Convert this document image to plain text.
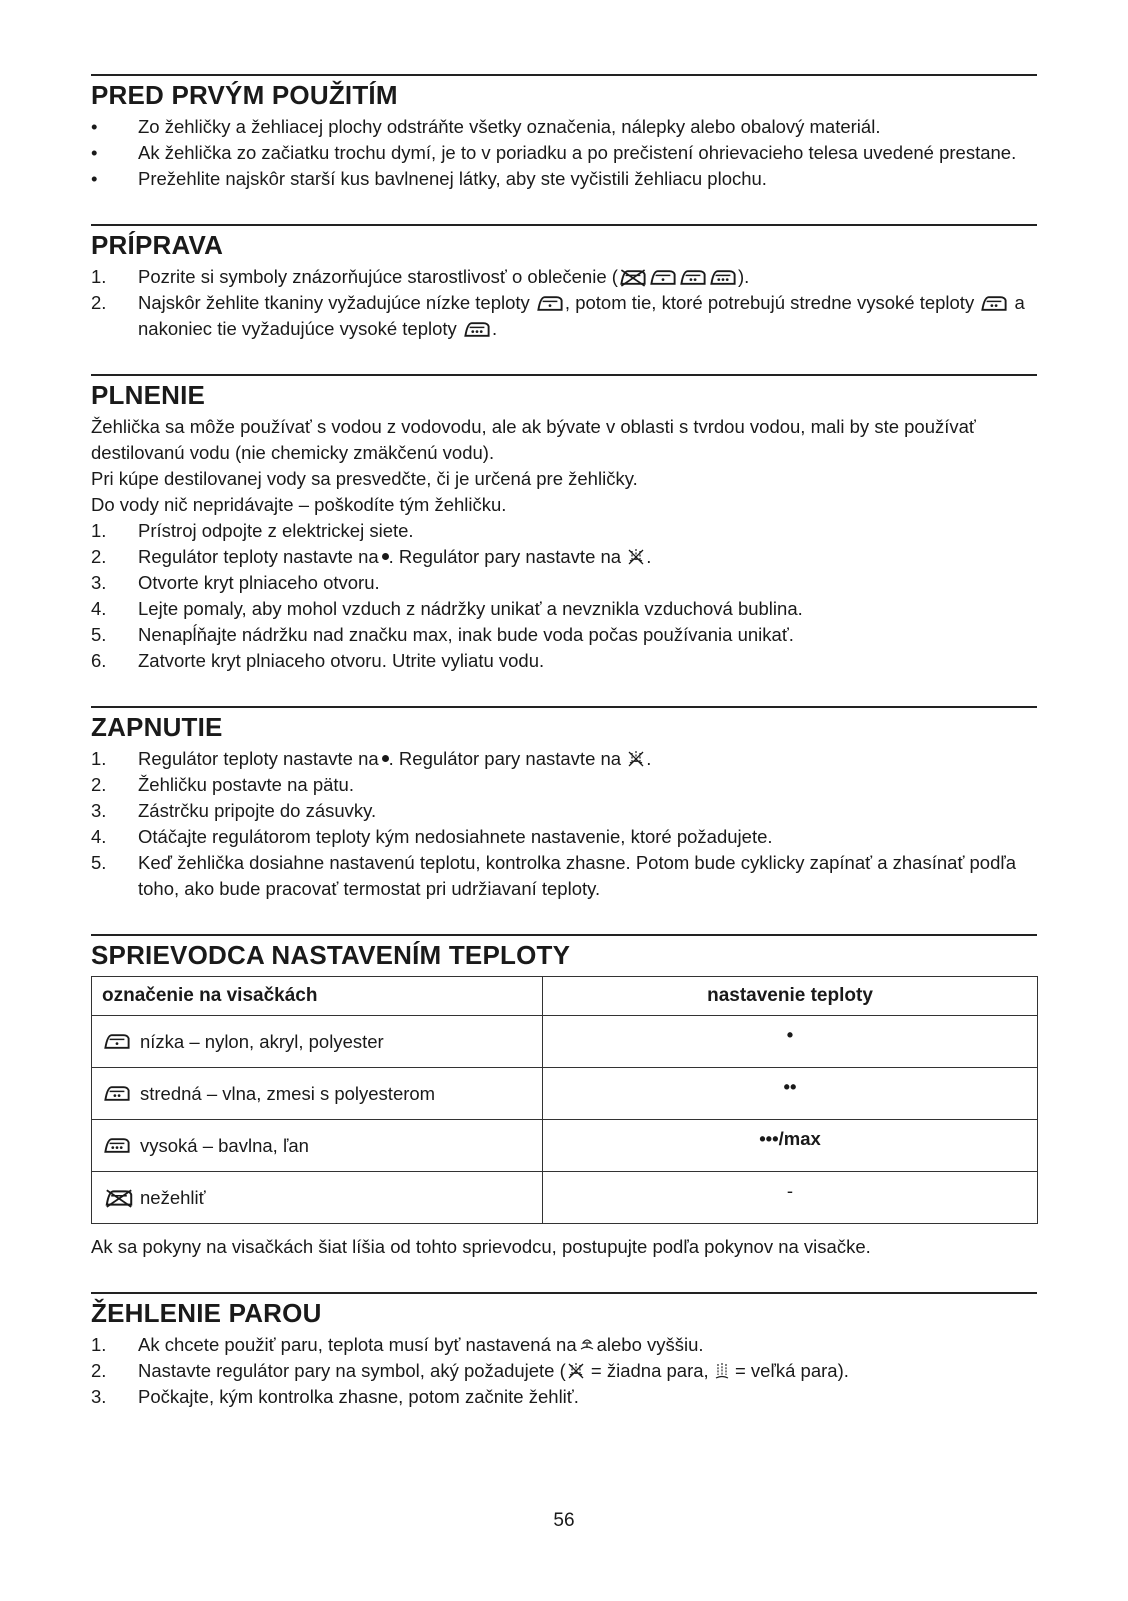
PRED PRVÝM POUŽITÍM
• Zo žehličky a žehliacej plochy odstráňte všetky označenia, nálepky alebo obalový materiál.
• Ak žehlička zo začiatku trochu dymí, je to v poriadku a po prečistení ohrievacieho telesa uvedené prestane.
• Prežehlite najskôr starší kus bavlnenej látky, aby ste vyčistili žehliacu plochu.
PRÍPRAVA
1. Pozrite si symboly znázorňujúce starostlivosť o oblečenie (	).
2. Najskôr žehlite tkaniny vyžadujúce nízke teploty , potom tie, ktoré potrebujú stredne vysoké teploty a nakoniec tie vyžadujúce vysoké teploty .
PLNENIE
Žehlička sa môže používať s vodou z vodovodu, ale ak bývate v oblasti s tvrdou vodou, mali by ste používať destilovanú vodu (nie chemicky zmäkčenú vodu).
Pri kúpe destilovanej vody sa presvedčte, či je určená pre žehličky.
Do vody nič nepridávajte – poškodíte tým žehličku.
1. Prístroj odpojte z elektrickej siete.
2. Regulátor teploty nastavte na . Regulátor pary nastavte na .
3. Otvorte kryt plniaceho otvoru.
4. Lejte pomaly, aby mohol vzduch z nádržky unikať a nevznikla vzduchová bublina.
5. Nenapĺňajte nádržku nad značku max, inak bude voda počas používania unikať.
6. Zatvorte kryt plniaceho otvoru. Utrite vyliatu vodu.
ZAPNUTIE
1. Regulátor teploty nastavte na . Regulátor pary nastavte na .
2. Žehličku postavte na pätu.
3. Zástrčku pripojte do zásuvky.
4. Otáčajte regulátorom teploty kým nedosiahnete nastavenie, ktoré požadujete.
5. Keď žehlička dosiahne nastavenú teplotu, kontrolka zhasne. Potom bude cyklicky zapínať a zhasínať podľa toho, ako bude pracovať termostat pri udržiavaní teploty.
SPRIEVODCA NASTAVENÍM TEPLOTY
označenie na visačkách	nastavenie teploty

nízka – nylon, akryl, polyester	•

stredná – vlna, zmesi s polyesterom	••

vysoká – bavlna, ľan	•••/max

nežehliť	-
Ak sa pokyny na visačkách šiat líšia od tohto sprievodcu, postupujte podľa pokynov na visačke.
ŽEHLENIE PAROU
1. Ak chcete použiť paru, teplota musí byť nastavená na alebo vyššiu.
2. Nastavte regulátor pary na symbol, aký požadujete ( = žiadna para, = veľká para).
3. Počkajte, kým kontrolka zhasne, potom začnite žehliť.
56
